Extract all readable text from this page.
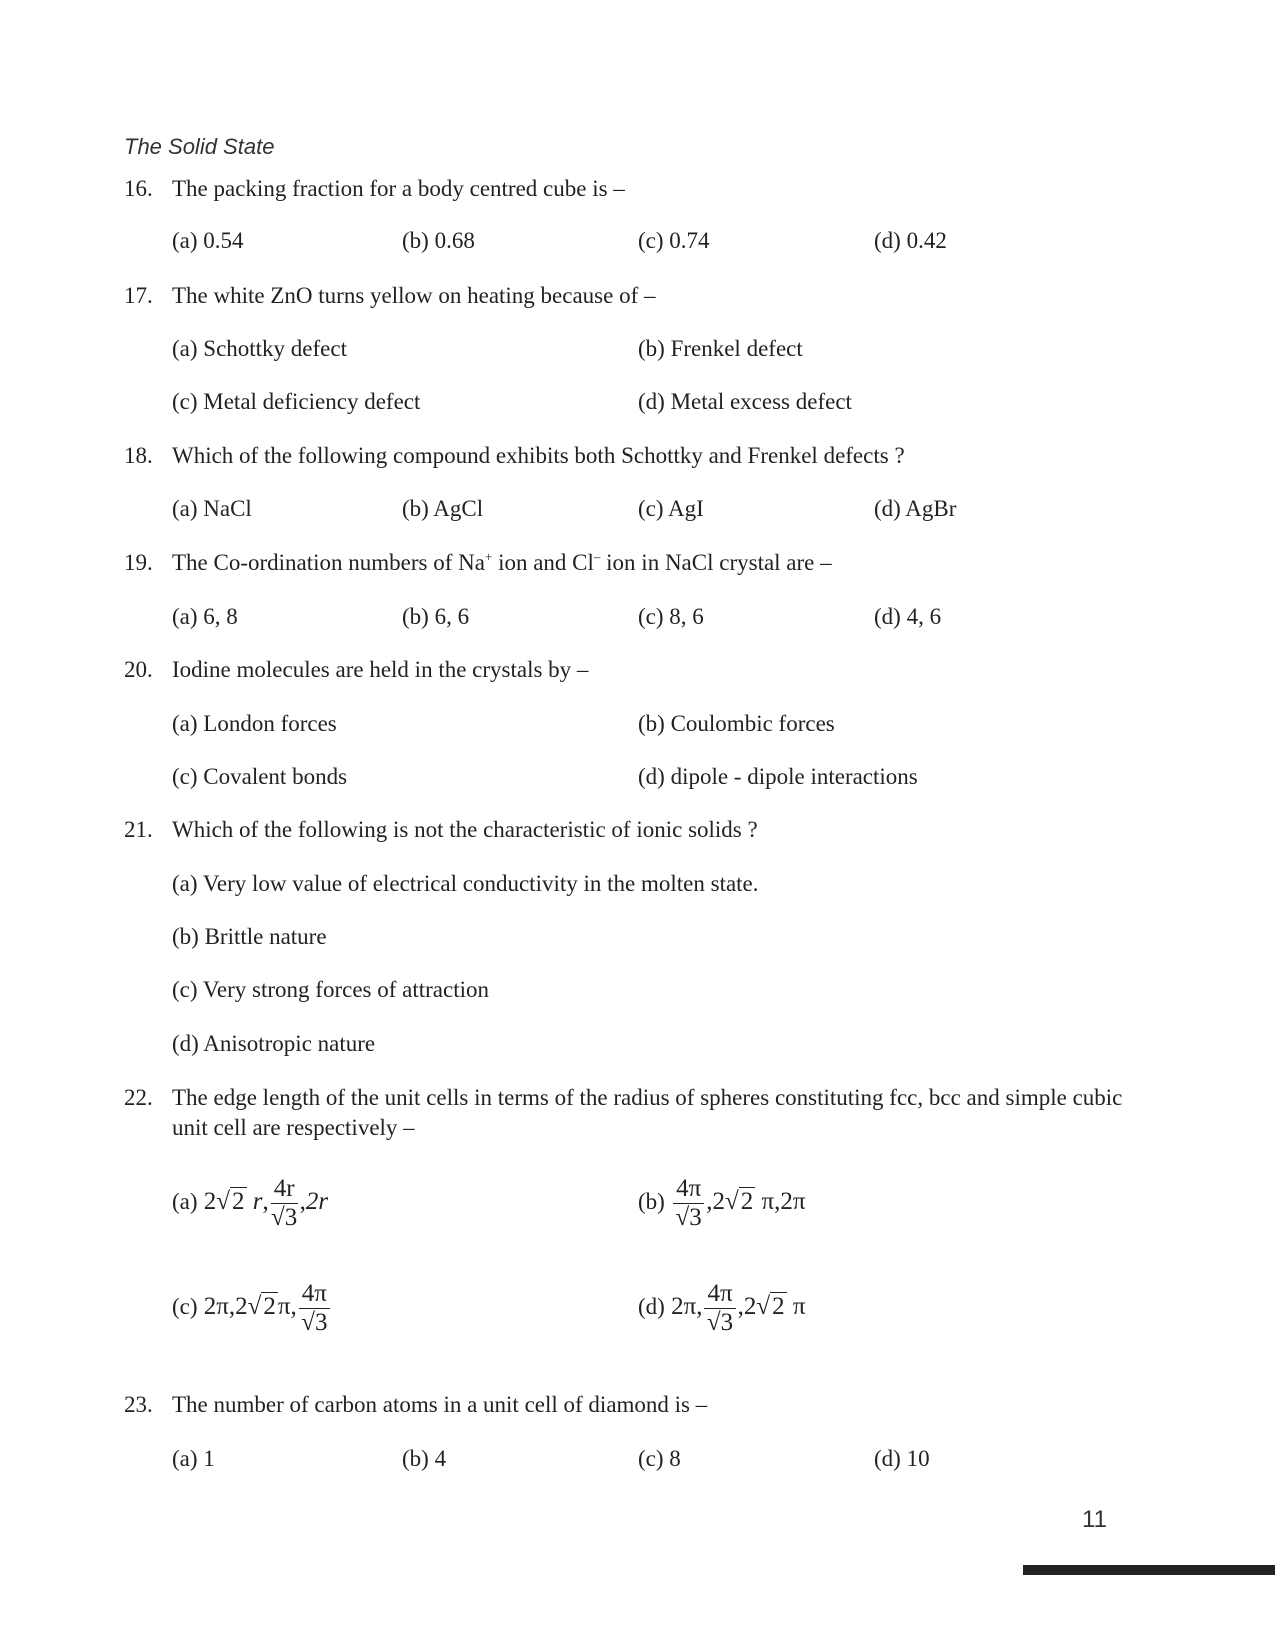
The Solid State
16. The packing fraction for a body centred cube is –
(a) 0.54	(b) 0.68	(c) 0.74	(d) 0.42
17. The white ZnO turns yellow on heating because of –
(a) Schottky defect	(b) Frenkel defect
(c) Metal deficiency defect	(d) Metal excess defect
18. Which of the following compound exhibits both Schottky and Frenkel defects ?
(a) NaCl	(b) AgCl	(c) AgI	(d) AgBr
19. The Co-ordination numbers of Na+ ion and Cl– ion in NaCl crystal are –
(a) 6, 8	(b) 6, 6	(c) 8, 6	(d) 4, 6
20. Iodine molecules are held in the crystals by –
(a) London forces	(b) Coulombic forces
(c) Covalent bonds	(d) dipole - dipole interactions
21. Which of the following is not the characteristic of ionic solids ?
(a) Very low value of electrical conductivity in the molten state.
(b) Brittle nature
(c) Very strong forces of attraction
(d) Anisotropic nature
22. The edge length of the unit cells in terms of the radius of spheres constituting fcc, bcc and simple cubic unit cell are respectively –
(a) 2√2 r, $\frac{4r}{√3} ,2r$	$(b) \frac{4\pi}{√3} ,2√2$ π,2π
(c) 2π,2√2π, $\frac{4\pi}{√3}$	(d) 2π, $\frac{4\pi}{√3} ,2√2$ π
23. The number of carbon atoms in a unit cell of diamond is –
(a) 1	(b) 4	(c) 8	(d) 10
11
